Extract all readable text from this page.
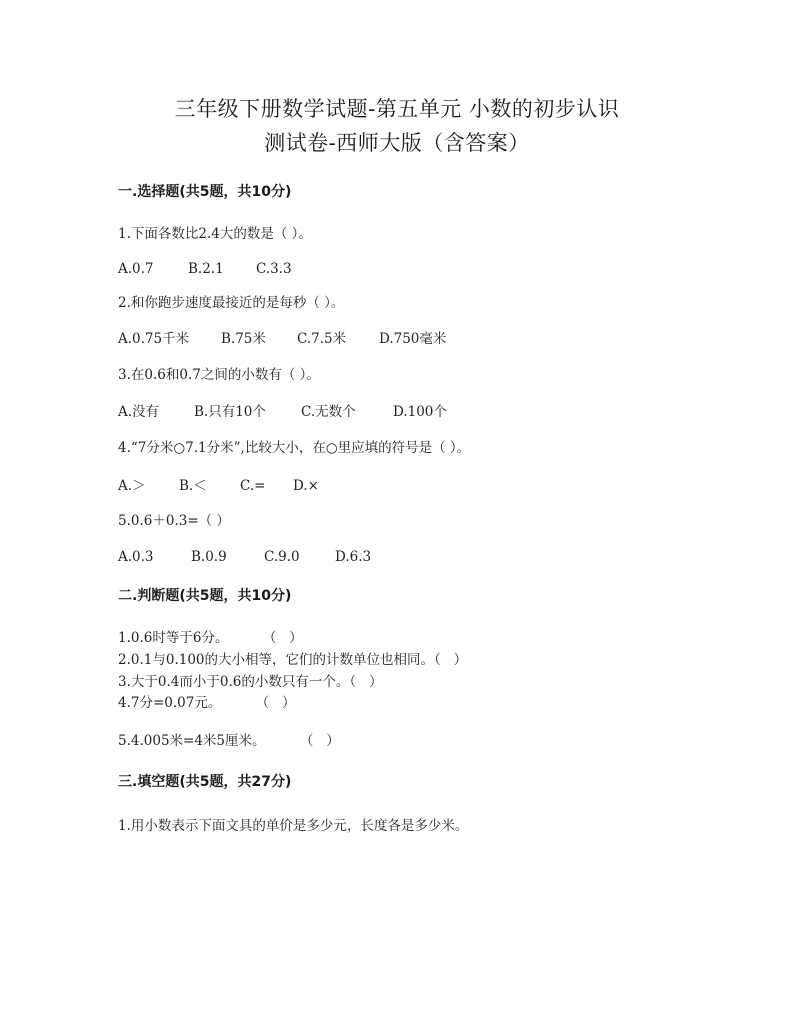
三年级下册数学试题-第五单元 小数的初步认识
测试卷-西师大版（含答案）
一.选择题(共5题，共10分)
1.下面各数比2.4大的数是（ ）。
A.0.7	B.2.1 C.3.3
2.和你跑步速度最接近的是每秒（ ）。
A.0.75千米 B.75米 C.7.5米 D.750毫米
3.在0.6和0.7之间的小数有（ ）。
A.没有	B.只有10个	C.无数个	D.100个
4.“7分米○7.1分米”,比较大小，在○里应填的符号是（ ）。
A.＞ B.＜ C.= D.×
5.0.6＋0.3=（ ）
A.0.3	B.0.9	C.9.0	D.6.3
二.判断题(共5题，共10分)
1.0.6时等于6分。        （   ）
2.0.1与0.100的大小相等，它们的计数单位也相同。（   ）
3.大于0.4而小于0.6的小数只有一个。（   ）
4.7分=0.07元。        （   ）
5.4.005米=4米5厘米。        （   ）
三.填空题(共5题，共27分)
1.用小数表示下面文具的单价是多少元，长度各是多少米。
